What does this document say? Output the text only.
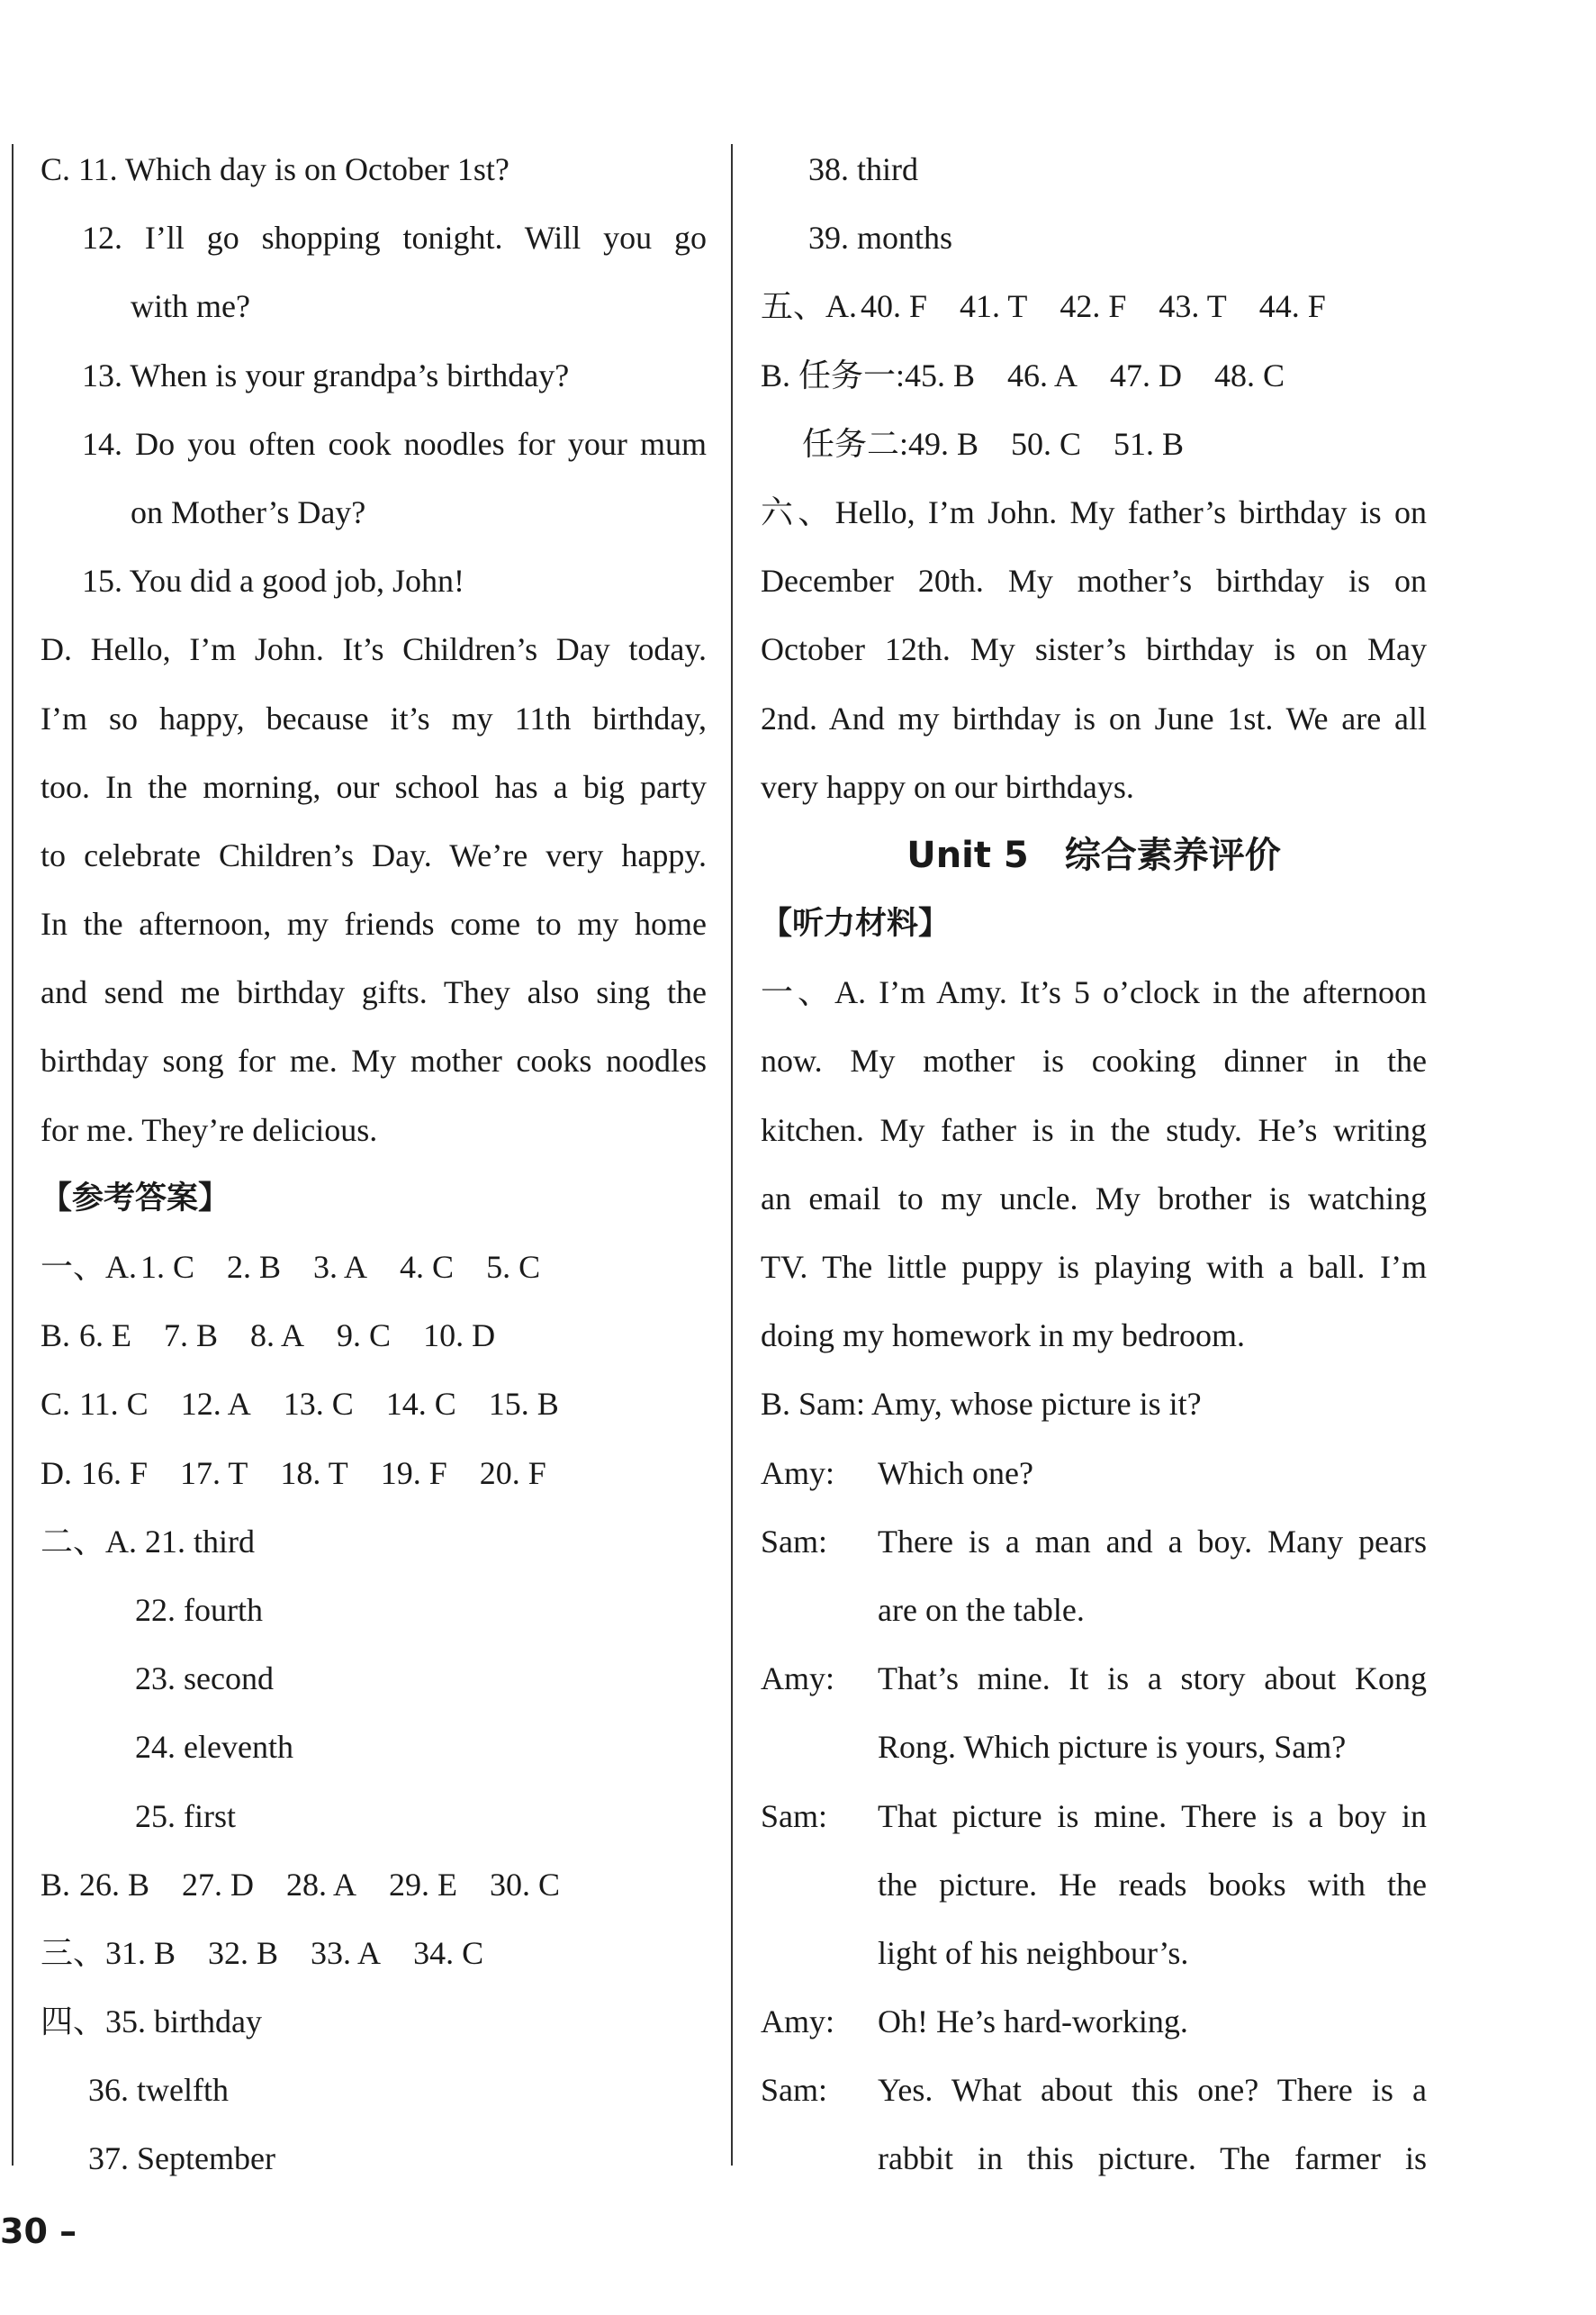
C. 11. Which day is on October 1st?
12. I’ll go shopping tonight. Will you go
with me?
13. When is your grandpa’s birthday?
14. Do you often cook noodles for your mum
on Mother’s Day?
15. You did a good job, John!
D. Hello, I’m John. It’s Children’s Day today.
I’m so happy, because it’s my 11th birthday,
too. In the morning, our school has a big party
to celebrate Children’s Day. We’re very happy.
In the afternoon, my friends come to my home
and send me birthday gifts. They also sing the
birthday song for me. My mother cooks noodles
for me. They’re delicious.
【参考答案】
一、A. 1. C 2. B 3. A 4. C 5. C
B. 6. E 7. B 8. A 9. C 10. D
C. 11. C 12. A 13. C 14. C 15. B
D. 16. F 17. T 18. T 19. F 20. F
二、A. 21. third
22. fourth
23. second
24. eleventh
25. first
B. 26. B 27. D 28. A 29. E 30. C
三、31. B 32. B 33. A 34. C
四、35. birthday
36. twelfth
37. September
38. third
39. months
五、A. 40. F 41. T 42. F 43. T 44. F
B. 任务一:45. B 46. A 47. D 48. C
任务二:49. B 50. C 51. B
六、Hello, I’m John. My father’s birthday is on
December 20th. My mother’s birthday is on
October 12th. My sister’s birthday is on May
2nd. And my birthday is on June 1st. We are all
very happy on our birthdays.
Unit 5 综合素养评价
【听力材料】
一、A. I’m Amy. It’s 5 o’clock in the afternoon
now. My mother is cooking dinner in the
kitchen. My father is in the study. He’s writing
an email to my uncle. My brother is watching
TV. The little puppy is playing with a ball. I’m
doing my homework in my bedroom.
B. Sam: Amy, whose picture is it?
Amy:	Which one?
Sam:	There is a man and a boy. Many pears
are on the table.
Amy:	That’s mine. It is a story about Kong
Rong. Which picture is yours, Sam?
Sam:	That picture is mine. There is a boy in
the picture. He reads books with the
light of his neighbour’s.
Amy:	Oh! He’s hard-working.
Sam:	Yes. What about this one? There is a
rabbit in this picture. The farmer is
30 –
